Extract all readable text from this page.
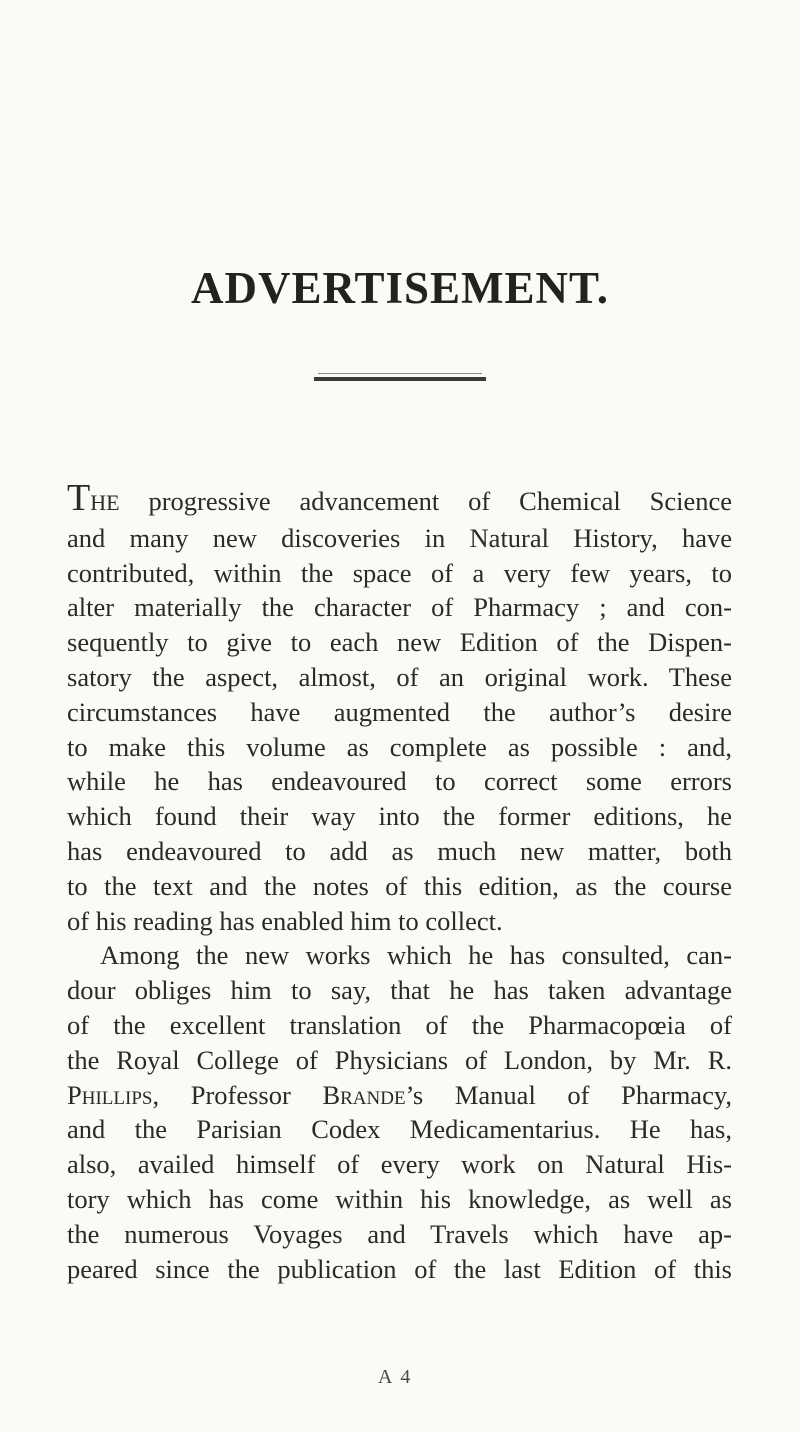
ADVERTISEMENT.
THE progressive advancement of Chemical Science
and many new discoveries in Natural History, have
contributed, within the space of a very few years, to
alter materially the character of Pharmacy ; and con-
sequently to give to each new Edition of the Dispen-
satory the aspect, almost, of an original work. These
circumstances have augmented the author’s desire
to make this volume as complete as possible : and,
while he has endeavoured to correct some errors
which found their way into the former editions, he
has endeavoured to add as much new matter, both
to the text and the notes of this edition, as the course
of his reading has enabled him to collect.
Among the new works which he has consulted, can-
dour obliges him to say, that he has taken advantage
of the excellent translation of the Pharmacopœia of
the Royal College of Physicians of London, by Mr. R.
Phillips, Professor Brande’s Manual of Pharmacy,
and the Parisian Codex Medicamentarius. He has,
also, availed himself of every work on Natural His-
tory which has come within his knowledge, as well as
the numerous Voyages and Travels which have ap-
peared since the publication of the last Edition of this
A 4
